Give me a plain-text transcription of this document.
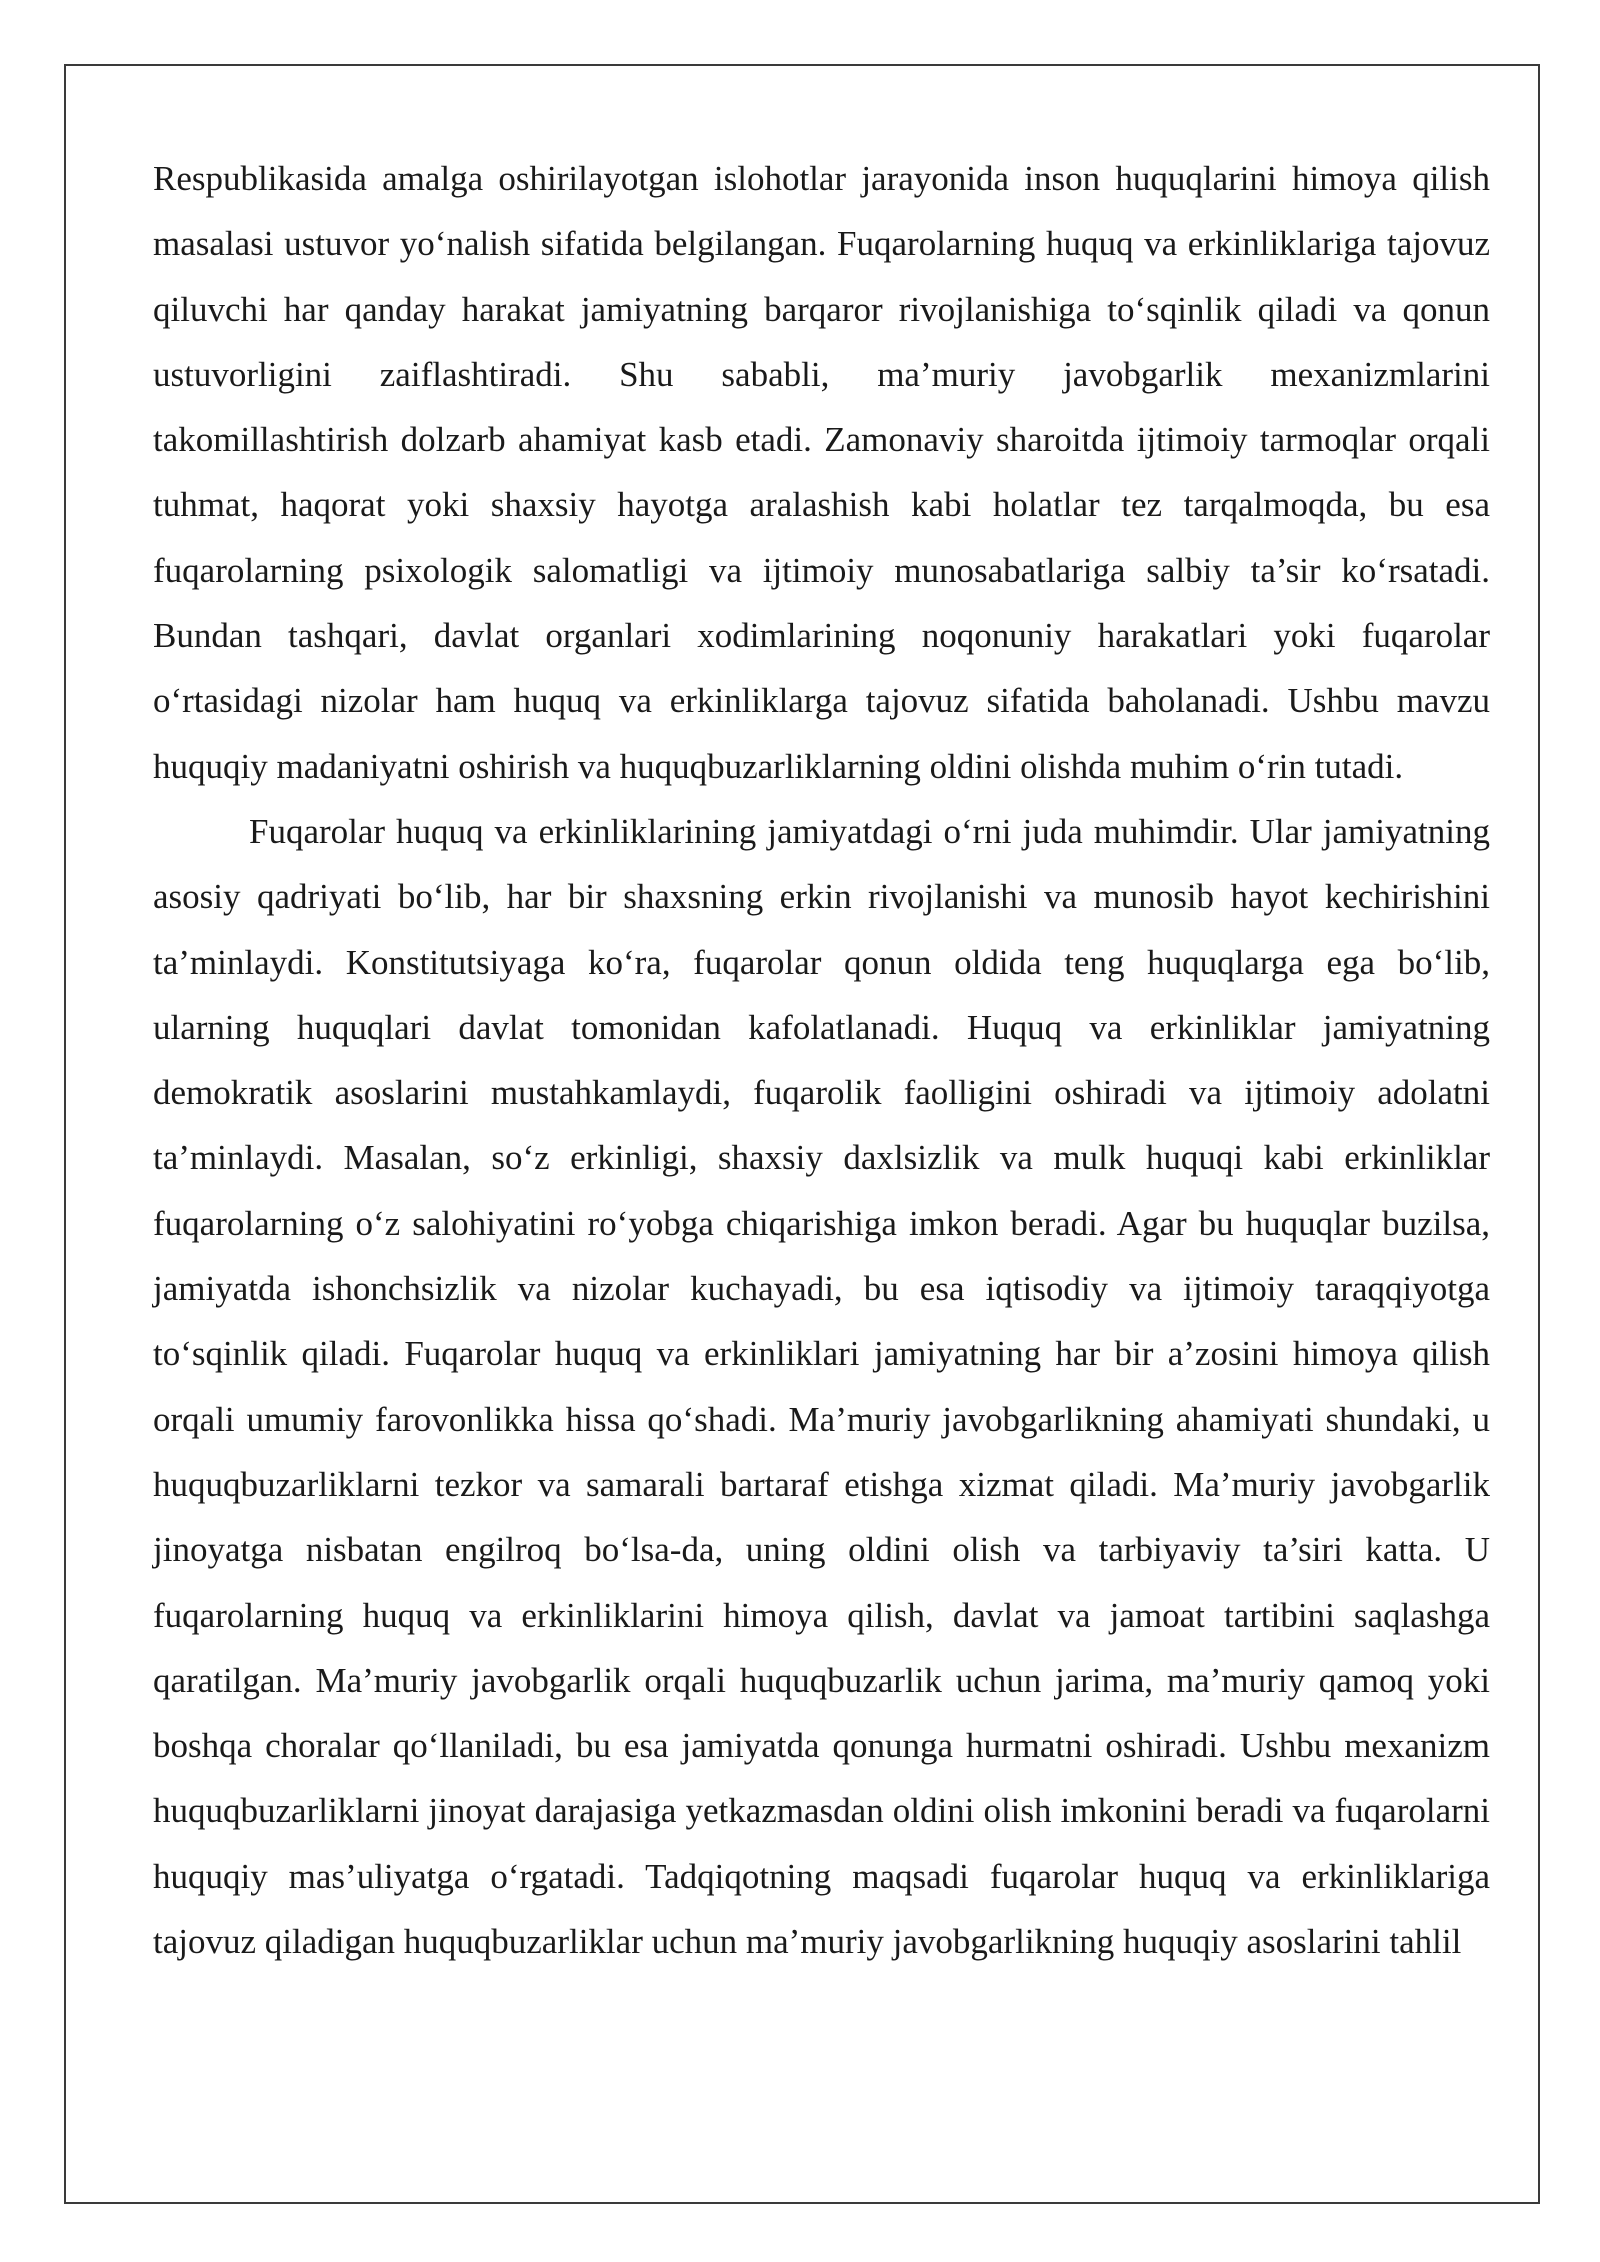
Respublikasida amalga oshirilayotgan islohotlar jarayonida inson huquqlarini himoya qilish masalasi ustuvor yo‘nalish sifatida belgilangan. Fuqarolarning huquq va erkinliklariga tajovuz qiluvchi har qanday harakat jamiyatning barqaror rivojlanishiga to‘sqinlik qiladi va qonun ustuvorligini zaiflashtiradi. Shu sababli, ma’muriy javobgarlik mexanizmlarini takomillashtirish dolzarb ahamiyat kasb etadi. Zamonaviy sharoitda ijtimoiy tarmoqlar orqali tuhmat, haqorat yoki shaxsiy hayotga aralashish kabi holatlar tez tarqalmoqda, bu esa fuqarolarning psixologik salomatligi va ijtimoiy munosabatlariga salbiy ta’sir ko‘rsatadi. Bundan tashqari, davlat organlari xodimlarining noqonuniy harakatlari yoki fuqarolar o‘rtasidagi nizolar ham huquq va erkinliklarga tajovuz sifatida baholanadi. Ushbu mavzu huquqiy madaniyatni oshirish va huquqbuzarliklarning oldini olishda muhim o‘rin tutadi.

Fuqarolar huquq va erkinliklarining jamiyatdagi o‘rni juda muhimdir. Ular jamiyatning asosiy qadriyati bo‘lib, har bir shaxsning erkin rivojlanishi va munosib hayot kechirishini ta’minlaydi. Konstitutsiyaga ko‘ra, fuqarolar qonun oldida teng huquqlarga ega bo‘lib, ularning huquqlari davlat tomonidan kafolatlanadi. Huquq va erkinliklar jamiyatning demokratik asoslarini mustahkamlaydi, fuqarolik faolligini oshiradi va ijtimoiy adolatni ta’minlaydi. Masalan, so‘z erkinligi, shaxsiy daxlsizlik va mulk huquqi kabi erkinliklar fuqarolarning o‘z salohiyatini ro‘yobga chiqarishiga imkon beradi. Agar bu huquqlar buzilsa, jamiyatda ishonchsizlik va nizolar kuchayadi, bu esa iqtisodiy va ijtimoiy taraqqiyotga to‘sqinlik qiladi. Fuqarolar huquq va erkinliklari jamiyatning har bir a’zosini himoya qilish orqali umumiy farovonlikka hissa qo‘shadi. Ma’muriy javobgarlikning ahamiyati shundaki, u huquqbuzarliklarni tezkor va samarali bartaraf etishga xizmat qiladi. Ma’muriy javobgarlik jinoyatga nisbatan engilroq bo‘lsa-da, uning oldini olish va tarbiyaviy ta’siri katta. U fuqarolarning huquq va erkinliklarini himoya qilish, davlat va jamoat tartibini saqlashga qaratilgan. Ma’muriy javobgarlik orqali huquqbuzarlik uchun jarima, ma’muriy qamoq yoki boshqa choralar qo‘llaniladi, bu esa jamiyatda qonunga hurmatni oshiradi. Ushbu mexanizm huquqbuzarliklarni jinoyat darajasiga yetkazmasdan oldini olish imkonini beradi va fuqarolarni huquqiy mas’uliyatga o‘rgatadi. Tadqiqotning maqsadi fuqarolar huquq va erkinliklariga tajovuz qiladigan huquqbuzarliklar uchun ma’muriy javobgarlikning huquqiy asoslarini tahlil
